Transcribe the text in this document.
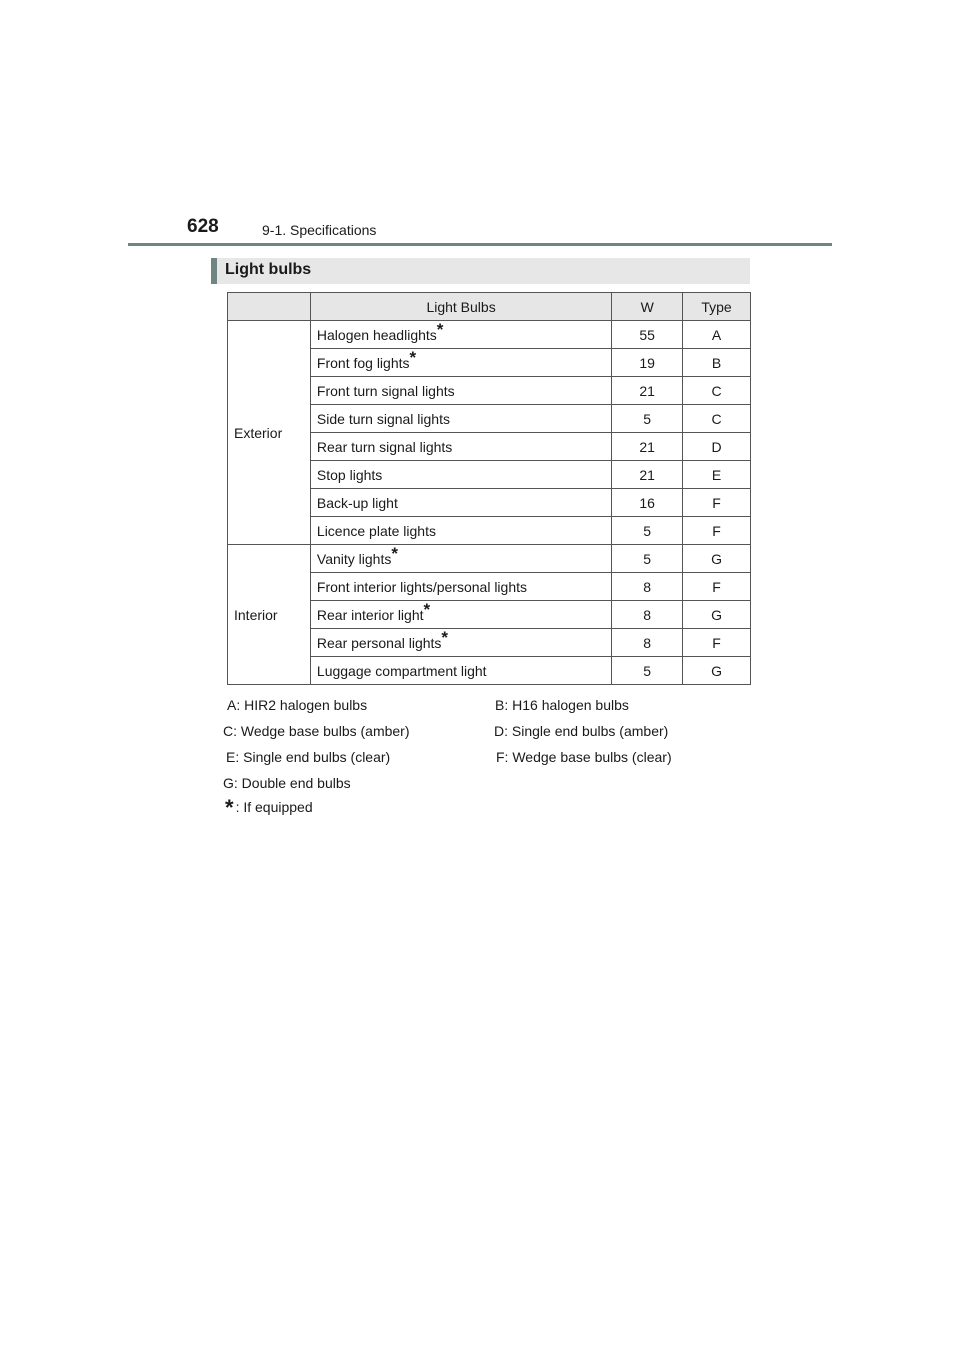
628	9-1. Specifications
Light bulbs
	Light Bulbs	W	Type
Exterior	Halogen headlights*	55	A
	Front fog lights*	19	B
	Front turn signal lights	21	C
	Side turn signal lights	5	C
	Rear turn signal lights	21	D
	Stop lights	21	E
	Back-up light	16	F
	Licence plate lights	5	F
Interior	Vanity lights*	5	G
	Front interior lights/personal lights	8	F
	Rear interior light*	8	G
	Rear personal lights*	8	F
	Luggage compartment light	5	G
A: HIR2 halogen bulbs	B: H16 halogen bulbs
C: Wedge base bulbs (amber)	D: Single end bulbs (amber)
E: Single end bulbs (clear)	F: Wedge base bulbs (clear)
G: Double end bulbs
* : If equipped
